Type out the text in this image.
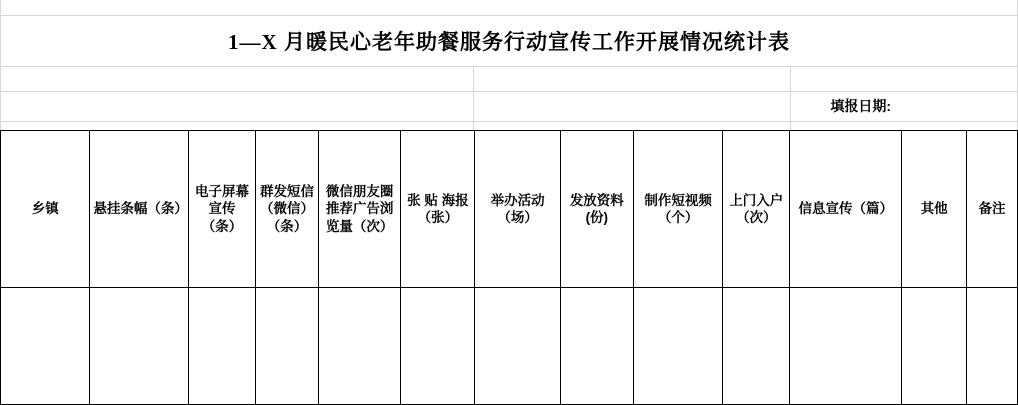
1—X 月暖民心老年助餐服务行动宣传工作开展情况统计表
填报日期:
乡镇	悬挂条幅（条）	电子屏幕宣传（条）	群发短信（微信）（条）	微信朋友圈推荐广告浏览量（次）	张 贴 海报（张）	举办活动（场）	发放资料(份)	制作短视频（个）	上门入户（次）	信息宣传（篇）	其他	备注
